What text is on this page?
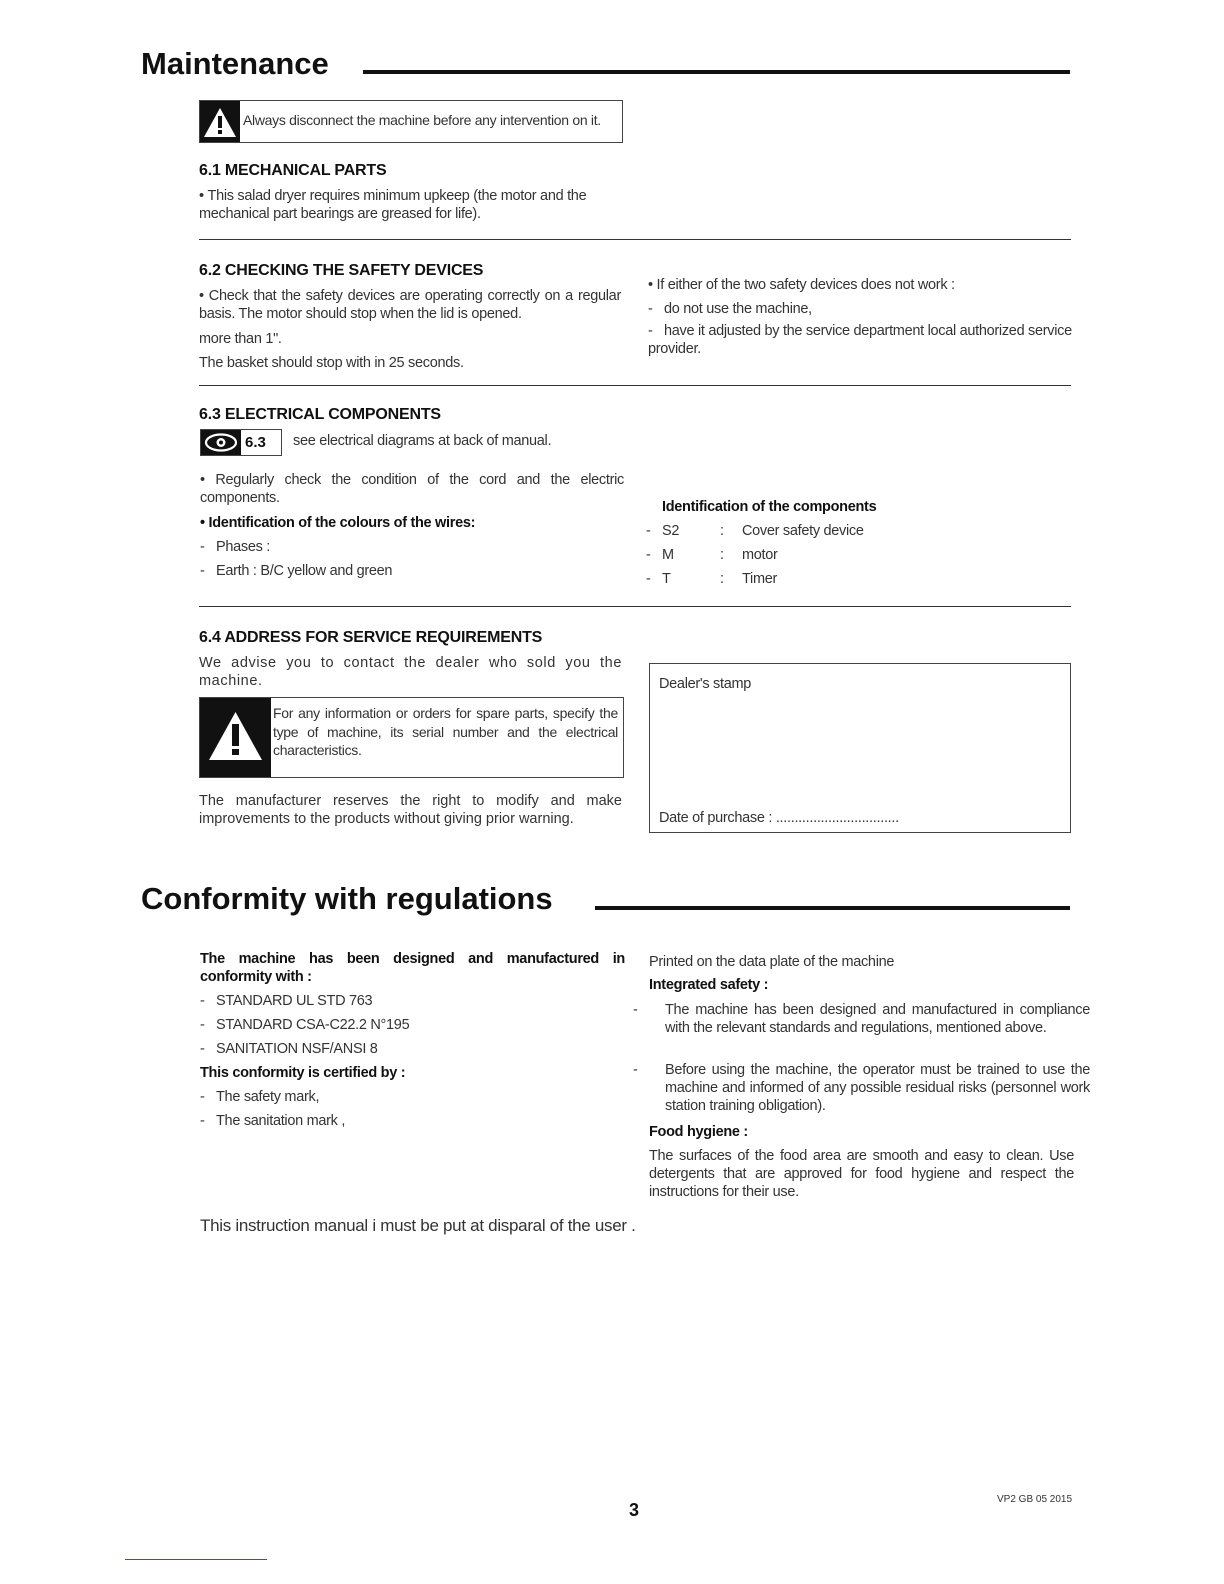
Maintenance
Always disconnect the machine before any intervention on it.
6.1 MECHANICAL PARTS
• This salad dryer requires minimum upkeep (the motor and the mechanical part bearings are greased for life).
6.2 CHECKING THE SAFETY DEVICES
• Check that the safety devices are operating correctly on a regular basis. The motor should stop when the lid is opened.
more than 1".
The basket should stop with in 25 seconds.
• If either of the two safety devices does not work :
- do not use the machine,
- have it adjusted by the service department local authorized service provider.
6.3 ELECTRICAL COMPONENTS
6.3 see electrical diagrams at back of manual.
• Regularly check the condition of the cord and the electric components.
• Identification of the colours of the wires:
- Phases :
- Earth : B/C yellow and green
Identification of the components
- S2	:	Cover safety device
- M	:	motor
- T	:	Timer
6.4 ADDRESS FOR SERVICE REQUIREMENTS
We advise you to contact the dealer who sold you the machine.
For any information or orders for spare parts, specify the type of machine, its serial number and the electrical characteristics.
The manufacturer reserves the right to modify and make improvements to the products without giving prior warning.
Dealer's stamp
Date of purchase : .................................
Conformity with regulations
The machine has been designed and manufactured in conformity with :
- STANDARD UL STD 763
- STANDARD CSA-C22.2 N°195
- SANITATION NSF/ANSI 8
This conformity is certified by :
- The safety mark,
- The sanitation mark ,
Printed on the data plate of the machine
Integrated safety :
- The machine has been designed and manufactured in compliance with the relevant standards and regulations, mentioned above.
- Before using the machine, the operator must be trained to use the machine and informed of any possible residual risks (personnel work station training obligation).
Food hygiene :
The surfaces of the food area are smooth and easy to clean. Use detergents that are approved for food hygiene and respect the instructions for their use.
This instruction manual i must be put at disparal of the user .
3
VP2 GB 05 2015
